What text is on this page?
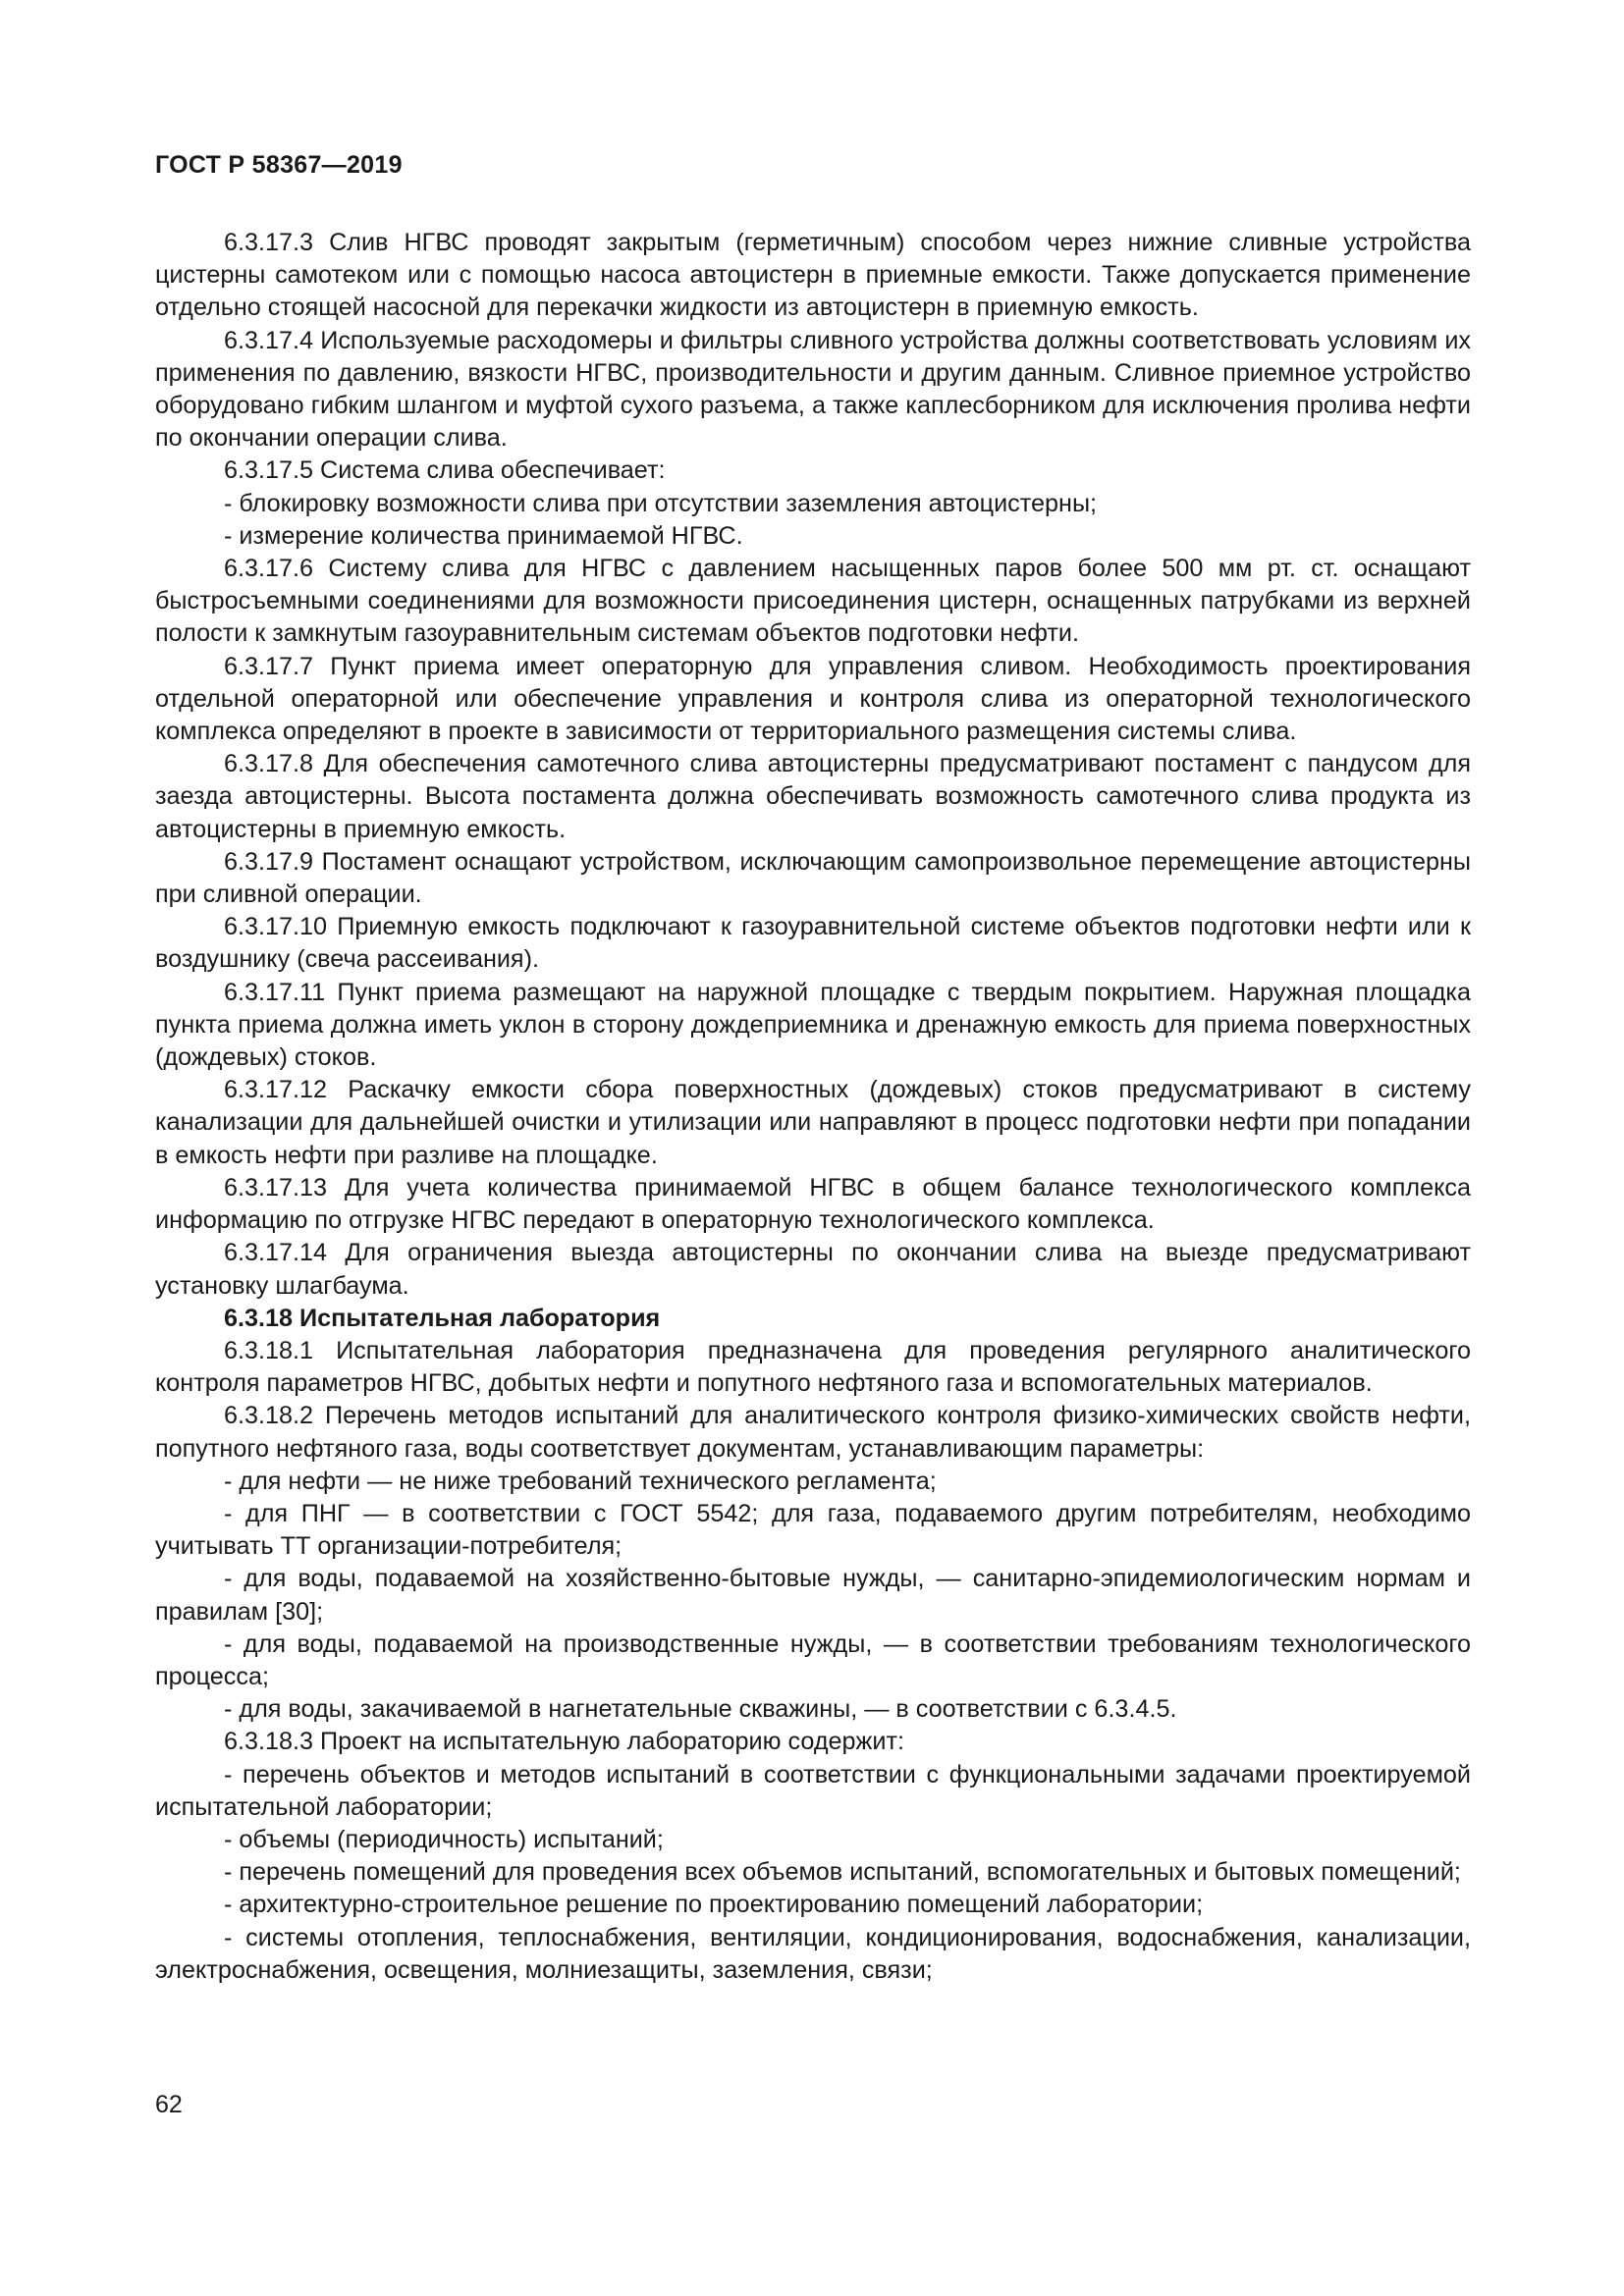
ГОСТ Р 58367—2019

6.3.17.3 Слив НГВС проводят закрытым (герметичным) способом через нижние сливные устройства цистерны самотеком или с помощью насоса автоцистерн в приемные емкости. Также допускается применение отдельно стоящей насосной для перекачки жидкости из автоцистерн в приемную емкость.

6.3.17.4 Используемые расходомеры и фильтры сливного устройства должны соответствовать условиям их применения по давлению, вязкости НГВС, производительности и другим данным. Сливное приемное устройство оборудовано гибким шлангом и муфтой сухого разъема, а также каплесборником для исключения пролива нефти по окончании операции слива.

6.3.17.5 Система слива обеспечивает:

- блокировку возможности слива при отсутствии заземления автоцистерны;

- измерение количества принимаемой НГВС.

6.3.17.6 Систему слива для НГВС с давлением насыщенных паров более 500 мм рт. ст. оснащают быстросъемными соединениями для возможности присоединения цистерн, оснащенных патрубками из верхней полости к замкнутым газоуравнительным системам объектов подготовки нефти.

6.3.17.7 Пункт приема имеет операторную для управления сливом. Необходимость проектирования отдельной операторной или обеспечение управления и контроля слива из операторной технологического комплекса определяют в проекте в зависимости от территориального размещения системы слива.

6.3.17.8 Для обеспечения самотечного слива автоцистерны предусматривают постамент с пандусом для заезда автоцистерны. Высота постамента должна обеспечивать возможность самотечного слива продукта из автоцистерны в приемную емкость.

6.3.17.9 Постамент оснащают устройством, исключающим самопроизвольное перемещение автоцистерны при сливной операции.

6.3.17.10 Приемную емкость подключают к газоуравнительной системе объектов подготовки нефти или к воздушнику (свеча рассеивания).

6.3.17.11 Пункт приема размещают на наружной площадке с твердым покрытием. Наружная площадка пункта приема должна иметь уклон в сторону дождеприемника и дренажную емкость для приема поверхностных (дождевых) стоков.

6.3.17.12 Раскачку емкости сбора поверхностных (дождевых) стоков предусматривают в систему канализации для дальнейшей очистки и утилизации или направляют в процесс подготовки нефти при попадании в емкость нефти при разливе на площадке.

6.3.17.13 Для учета количества принимаемой НГВС в общем балансе технологического комплекса информацию по отгрузке НГВС передают в операторную технологического комплекса.

6.3.17.14 Для ограничения выезда автоцистерны по окончании слива на выезде предусматривают установку шлагбаума.

6.3.18 Испытательная лаборатория

6.3.18.1 Испытательная лаборатория предназначена для проведения регулярного аналитического контроля параметров НГВС, добытых нефти и попутного нефтяного газа и вспомогательных материалов.

6.3.18.2 Перечень методов испытаний для аналитического контроля физико-химических свойств нефти, попутного нефтяного газа, воды соответствует документам, устанавливающим параметры:

- для нефти — не ниже требований технического регламента;

- для ПНГ — в соответствии с ГОСТ 5542; для газа, подаваемого другим потребителям, необходимо учитывать ТТ организации-потребителя;

- для воды, подаваемой на хозяйственно-бытовые нужды, — санитарно-эпидемиологическим нормам и правилам [30];

- для воды, подаваемой на производственные нужды, — в соответствии требованиям технологического процесса;

- для воды, закачиваемой в нагнетательные скважины, — в соответствии с 6.3.4.5.

6.3.18.3 Проект на испытательную лабораторию содержит:

- перечень объектов и методов испытаний в соответствии с функциональными задачами проектируемой испытательной лаборатории;

- объемы (периодичность) испытаний;

- перечень помещений для проведения всех объемов испытаний, вспомогательных и бытовых помещений;

- архитектурно-строительное решение по проектированию помещений лаборатории;

- системы отопления, теплоснабжения, вентиляции, кондиционирования, водоснабжения, канализации, электроснабжения, освещения, молниезащиты, заземления, связи;

62
